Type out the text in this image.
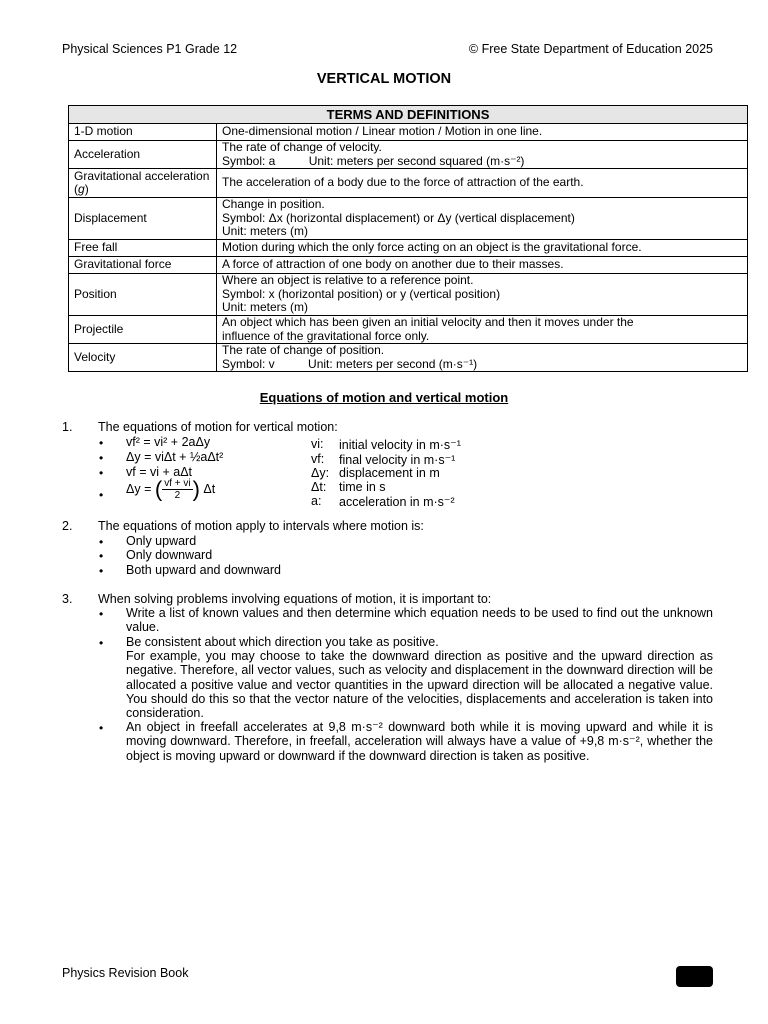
Physical Sciences P1 Grade 12	© Free State Department of Education 2025
VERTICAL MOTION
TERMS AND DEFINITIONS	
1-D motion	One-dimensional motion / Linear motion / Motion in one line.

Acceleration	The rate of change of velocity.
Symbol: a          Unit: meters per second squared (m·s⁻²)

Gravitational acceleration (g)	The acceleration of a body due to the force of attraction of the earth.

Displacement	Change in position.
Symbol: Δx (horizontal displacement) or Δy (vertical displacement)
Unit: meters (m)

Free fall	Motion during which the only force acting on an object is the gravitational force.

Gravitational force	A force of attraction of one body on another due to their masses.

Position	Where an object is relative to a reference point.
Symbol: x (horizontal position) or y (vertical position)
Unit: meters (m)

Projectile	An object which has been given an initial velocity and then it moves under the
influence of the gravitational force only.

Velocity	The rate of change of position.
Symbol: v          Unit: meters per second (m·s⁻¹)
Equations of motion and vertical motion
1. The equations of motion for vertical motion:
• vf² = vi² + 2aΔy
• Δy = viΔt + ½aΔt²
• vf = vi + aΔt
• Δy = ( $\frac{vf + vi}{2}$ ) Δt
vi: initial velocity in m·s⁻¹
vf: final velocity in m·s⁻¹
Δy: displacement in m
Δt: time in s
a: acceleration in m·s⁻²
2. The equations of motion apply to intervals where motion is:
• Only upward
• Only downward
• Both upward and downward
3. When solving problems involving equations of motion, it is important to:
• Write a list of known values and then determine which equation needs to be used to find out the unknown value.
• Be consistent about which direction you take as positive.
For example, you may choose to take the downward direction as positive and the upward direction as negative. Therefore, all vector values, such as velocity and displacement in the downward direction will be allocated a positive value and vector quantities in the upward direction will be allocated a negative value. You should do this so that the vector nature of the velocities, displacements and acceleration is taken into consideration.
• An object in freefall accelerates at 9,8 m·s⁻² downward both while it is moving upward and while it is moving downward. Therefore, in freefall, acceleration will always have a value of +9,8 m·s⁻², whether the object is moving upward or downward if the downward direction is taken as positive.
Physics Revision Book
